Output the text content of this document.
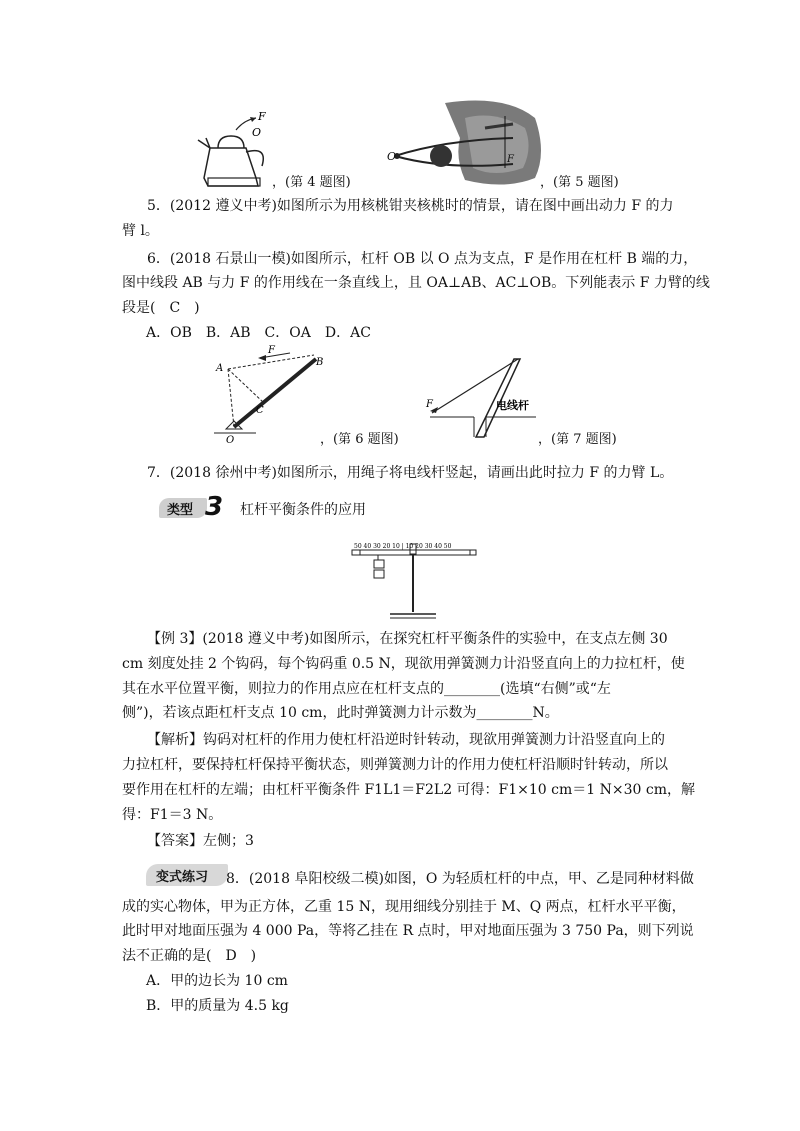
F
O
，(第 4 题图)
O	F
，(第 5 题图)
5．(2012 遵义中考)如图所示为用核桃钳夹核桃时的情景，请在图中画出动力 F 的力
臂 l。
6．(2018 石景山一模)如图所示，杠杆 OB 以 O 点为支点，F 是作用在杠杆 B 端的力，
图中线段 AB 与力 F 的作用线在一条直线上，且 OA⊥AB、AC⊥OB。下列能表示 F 力臂的线
段是(　C　)
A．OB　B．AB　C．OA　D．AC
F
B
A
C
O	，(第 6 题图)
F	电线杆
，(第 7 题图)
7．(2018 徐州中考)如图所示，用绳子将电线杆竖起，请画出此时拉力 F 的力臂 L。
类型 3 杠杆平衡条件的应用
50 40 30 20 10 | 10 20 30 40 50
【例 3】(2018 遵义中考)如图所示，在探究杠杆平衡条件的实验中，在支点左侧 30
cm 刻度处挂 2 个钩码，每个钩码重 0.5 N，现欲用弹簧测力计沿竖直向上的力拉杠杆，使
其在水平位置平衡，则拉力的作用点应在杠杆支点的________(选填“右侧”或“左
侧”)，若该点距杠杆支点 10 cm，此时弹簧测力计示数为________N。
【解析】钩码对杠杆的作用力使杠杆沿逆时针转动，现欲用弹簧测力计沿竖直向上的
力拉杠杆，要保持杠杆保持平衡状态，则弹簧测力计的作用力使杠杆沿顺时针转动，所以
要作用在杠杆的左端；由杠杆平衡条件 F1L1＝F2L2 可得：F1×10 cm＝1 N×30 cm，解
得：F1＝3 N。
【答案】左侧；3
变式练习 8．(2018 阜阳校级二模)如图，O 为轻质杠杆的中点，甲、乙是同种材料做
成的实心物体，甲为正方体，乙重 15 N，现用细线分别挂于 M、Q 两点，杠杆水平平衡，
此时甲对地面压强为 4 000 Pa，等将乙挂在 R 点时，甲对地面压强为 3 750 Pa，则下列说
法不正确的是(　D　)
A．甲的边长为 10 cm
B．甲的质量为 4.5 kg
